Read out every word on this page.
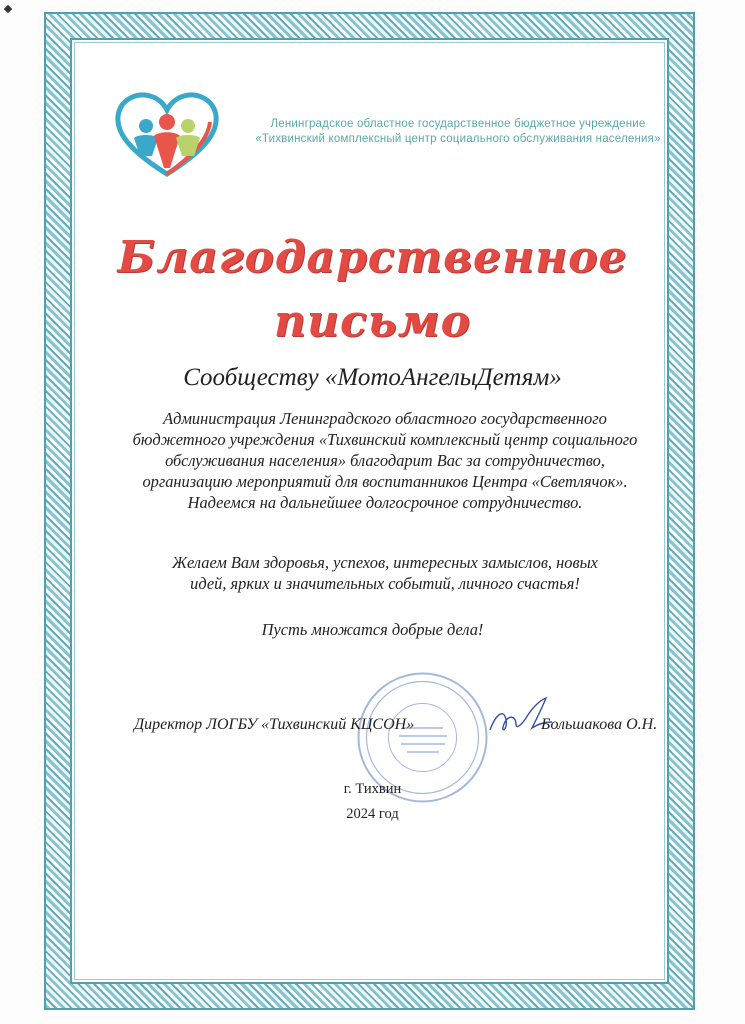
Ленинградское областное государственное бюджетное учреждение
«Тихвинский комплексный центр социального обслуживания населения»
Благодарственное
письмо
Сообществу «МотоАнгелыДетям»
Администрация Ленинградского областного государственного
бюджетного учреждения «Тихвинский комплексный центр социального
обслуживания населения» благодарит Вас за сотрудничество,
организацию мероприятий для воспитанников Центра «Светлячок».
Надеемся на дальнейшее долгосрочное сотрудничество.
Желаем Вам здоровья, успехов, интересных замыслов, новых
идей, ярких и значительных событий, личного счастья!
Пусть множатся добрые дела!
Директор ЛОГБУ «Тихвинский КЦСОН»	Большакова О.Н.
г. Тихвин
2024 год
